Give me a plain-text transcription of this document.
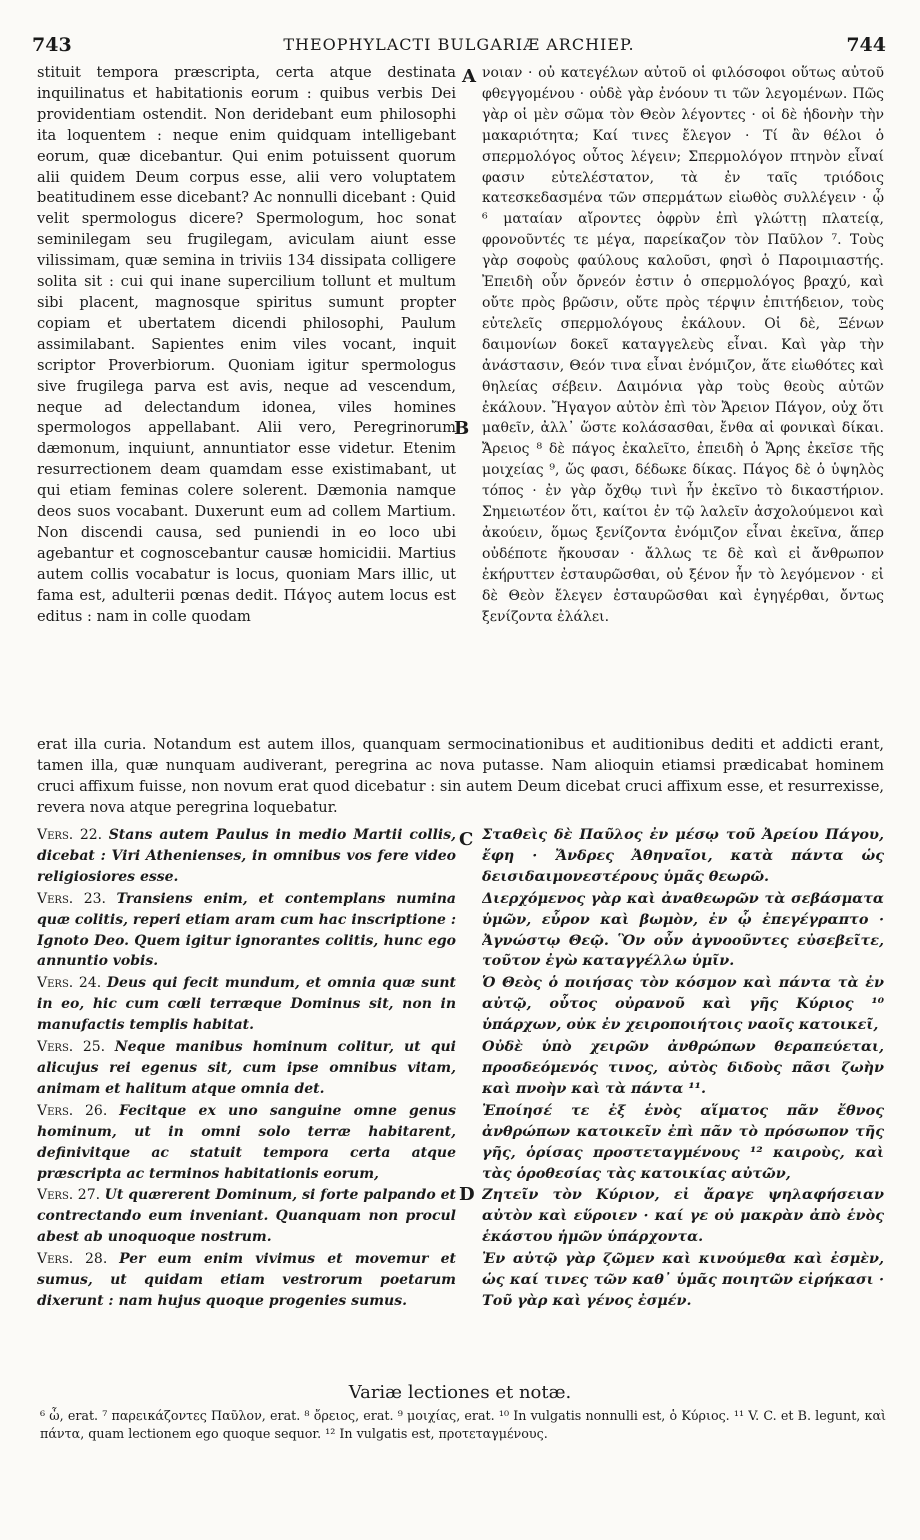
743	THEOPHYLACTI BULGARIÆ ARCHIEP.	744
A
B
C
D

stituit tempora præscripta, certa atque destinata inquilinatus et habitationis eorum : quibus verbis Dei providentiam ostendit. Non deridebant eum philosophi ita loquentem : neque enim quidquam intelligebant eorum, quæ dicebantur. Qui enim potuissent quorum alii quidem Deum corpus esse, alii vero voluptatem beatitudinem esse dicebant? Ac nonnulli dicebant : Quid velit spermologus dicere? Spermologum, hoc sonat seminilegam seu frugilegam, aviculam aiunt esse vilissimam, quæ semina in triviis 134 dissipata colligere solita sit : cui qui inane supercilium tollunt et multum sibi placent, magnosque spiritus sumunt propter copiam et ubertatem dicendi philosophi, Paulum assimilabant. Sapientes enim viles vocant, inquit scriptor Proverbiorum. Quoniam igitur spermologus sive frugilega parva est avis, neque ad vescendum, neque ad delectandum idonea, viles homines spermologos appellabant. Alii vero, Peregrinorum dæmonum, inquiunt, annuntiator esse videtur. Etenim resurrectionem deam quamdam esse existimabant, ut qui etiam feminas colere solerent. Dæmonia namque deos suos vocabant. Duxerunt eum ad collem Martium. Non discendi causa, sed puniendi in eo loco ubi agebantur et cognoscebantur causæ homicidii. Martius autem collis vocabatur is locus, quoniam Mars illic, ut fama est, adulterii pœnas dedit. Πάγος autem locus est editus : nam in colle quodam

νοιαν · οὐ κατεγέλων αὐτοῦ οἱ φιλόσοφοι οὕτως αὐτοῦ φθεγγομένου · οὐδὲ γὰρ ἐνόουν τι τῶν λεγομένων. Πῶς γὰρ οἱ μὲν σῶμα τὸν Θεὸν λέγοντες · οἱ δὲ ἡδονὴν τὴν μακαριότητα; Καί τινες ἔλεγον · Τί ἂν θέλοι ὁ σπερμολόγος οὗτος λέγειν; Σπερμολόγον πτηνὸν εἶναί φασιν εὐτελέστατον, τὰ ἐν ταῖς τριόδοις κατεσκεδασμένα τῶν σπερμάτων εἰωθὸς συλλέγειν · ᾧ ⁶ ματαίαν αἴροντες ὀφρὺν ἐπὶ γλώττῃ πλατείᾳ, φρονοῦντές τε μέγα, παρείκαζον τὸν Παῦλον ⁷. Τοὺς γὰρ σοφοὺς φαύλους καλοῦσι, φησὶ ὁ Παροιμιαστής. Ἐπειδὴ οὖν ὄρνεόν ἐστιν ὁ σπερμολόγος βραχύ, καὶ οὔτε πρὸς βρῶσιν, οὔτε πρὸς τέρψιν ἐπιτήδειον, τοὺς εὐτελεῖς σπερμολόγους ἐκάλουν. Οἱ δὲ, Ξένων δαιμονίων δοκεῖ καταγγελεὺς εἶναι. Καὶ γὰρ τὴν ἀνάστασιν, Θεόν τινα εἶναι ἐνόμιζον, ἅτε εἰωθότες καὶ θηλείας σέβειν. Δαιμόνια γὰρ τοὺς θεοὺς αὐτῶν ἐκάλουν. Ἤγαγον αὐτὸν ἐπὶ τὸν Ἄρειον Πάγον, οὐχ ὅτι μαθεῖν, ἀλλ᾽ ὥστε κολάσασθαι, ἔνθα αἱ φονικαὶ δίκαι. Ἄρειος ⁸ δὲ πάγος ἐκαλεῖτο, ἐπειδὴ ὁ Ἄρης ἐκεῖσε τῆς μοιχείας ⁹, ὥς φασι, δέδωκε δίκας. Πάγος δὲ ὁ ὑψηλὸς τόπος · ἐν γὰρ ὄχθῳ τινὶ ἦν ἐκεῖνο τὸ δικαστήριον. Σημειωτέον ὅτι, καίτοι ἐν τῷ λαλεῖν ἀσχολούμενοι καὶ ἀκούειν, ὅμως ξενίζοντα ἐνόμιζον εἶναι ἐκεῖνα, ἅπερ οὐδέποτε ἤκουσαν · ἄλλως τε δὲ καὶ εἰ ἄνθρωπον ἐκήρυττεν ἐσταυρῶσθαι, οὐ ξένον ἦν τὸ λεγόμενον · εἰ δὲ Θεὸν ἔλεγεν ἐσταυρῶσθαι καὶ ἐγηγέρθαι, ὄντως ξενίζοντα ἐλάλει.

erat illa curia. Notandum est autem illos, quanquam sermocinationibus et auditionibus dediti et addicti erant, tamen illa, quæ nunquam audiverant, peregrina ac nova putasse. Nam alioquin etiamsi prædicabat hominem cruci affixum fuisse, non novum erat quod dicebatur : sin autem Deum dicebat cruci affixum esse, et resurrexisse, revera nova atque peregrina loquebatur.

Vers. 22. Stans autem Paulus in medio Martii collis, dicebat : Viri Athenienses, in omnibus vos fere video religiosiores esse.

Vers. 23. Transiens enim, et contemplans numina quæ colitis, reperi etiam aram cum hac inscriptione : Ignoto Deo. Quem igitur ignorantes colitis, hunc ego annuntio vobis.

Vers. 24. Deus qui fecit mundum, et omnia quæ sunt in eo, hic cum cœli terræque Dominus sit, non in manufactis templis habitat.

Vers. 25. Neque manibus hominum colitur, ut qui alicujus rei egenus sit, cum ipse omnibus vitam, animam et halitum atque omnia det.

Vers. 26. Fecitque ex uno sanguine omne genus hominum, ut in omni solo terræ habitarent, definivitque ac statuit tempora certa atque præscripta ac terminos habitationis eorum,

Vers. 27. Ut quærerent Dominum, si forte palpando et contrectando eum inveniant. Quanquam non procul abest ab unoquoque nostrum.

Vers. 28. Per eum enim vivimus et movemur et sumus, ut quidam etiam vestrorum poetarum dixerunt : nam hujus quoque progenies sumus.

Σταθεὶς δὲ Παῦλος ἐν μέσῳ τοῦ Ἀρείου Πάγου, ἔφη · Ἄνδρες Ἀθηναῖοι, κατὰ πάντα ὡς δεισιδαιμονεστέρους ὑμᾶς θεωρῶ.

Διερχόμενος γὰρ καὶ ἀναθεωρῶν τὰ σεβάσματα ὑμῶν, εὗρον καὶ βωμὸν, ἐν ᾧ ἐπεγέγραπτο · Ἀγνώστῳ Θεῷ. Ὃν οὖν ἀγνοοῦντες εὐσεβεῖτε, τοῦτον ἐγὼ καταγγέλλω ὑμῖν.

Ὁ Θεὸς ὁ ποιήσας τὸν κόσμον καὶ πάντα τὰ ἐν αὐτῷ, οὗτος οὐρανοῦ καὶ γῆς Κύριος ¹⁰ ὑπάρχων, οὐκ ἐν χειροποιήτοις ναοῖς κατοικεῖ,

Οὐδὲ ὑπὸ χειρῶν ἀνθρώπων θεραπεύεται, προσδεόμενός τινος, αὐτὸς διδοὺς πᾶσι ζωὴν καὶ πνοὴν καὶ τὰ πάντα ¹¹.

Ἐποίησέ τε ἐξ ἑνὸς αἵματος πᾶν ἔθνος ἀνθρώπων κατοικεῖν ἐπὶ πᾶν τὸ πρόσωπον τῆς γῆς, ὁρίσας προστεταγμένους ¹² καιροὺς, καὶ τὰς ὁροθεσίας τὰς κατοικίας αὐτῶν,

Ζητεῖν τὸν Κύριον, εἰ ἄραγε ψηλαφήσειαν αὐτὸν καὶ εὕροιεν · καί γε οὐ μακρὰν ἀπὸ ἑνὸς ἑκάστου ἡμῶν ὑπάρχοντα.

Ἐν αὐτῷ γὰρ ζῶμεν καὶ κινούμεθα καὶ ἐσμὲν, ὡς καί τινες τῶν καθ᾽ ὑμᾶς ποιητῶν εἰρήκασι · Τοῦ γὰρ καὶ γένος ἐσμέν.

Variæ lectiones et notæ.
⁶ ὦ, erat. ⁷ παρεικάζοντες Παῦλον, erat. ⁸ ὄρειος, erat. ⁹ μοιχίας, erat. ¹⁰ In vulgatis nonnulli est, ὁ Κύριος. ¹¹ V. C. et B. legunt, καὶ πάντα, quam lectionem ego quoque sequor. ¹² In vulgatis est, προτεταγμένους.
